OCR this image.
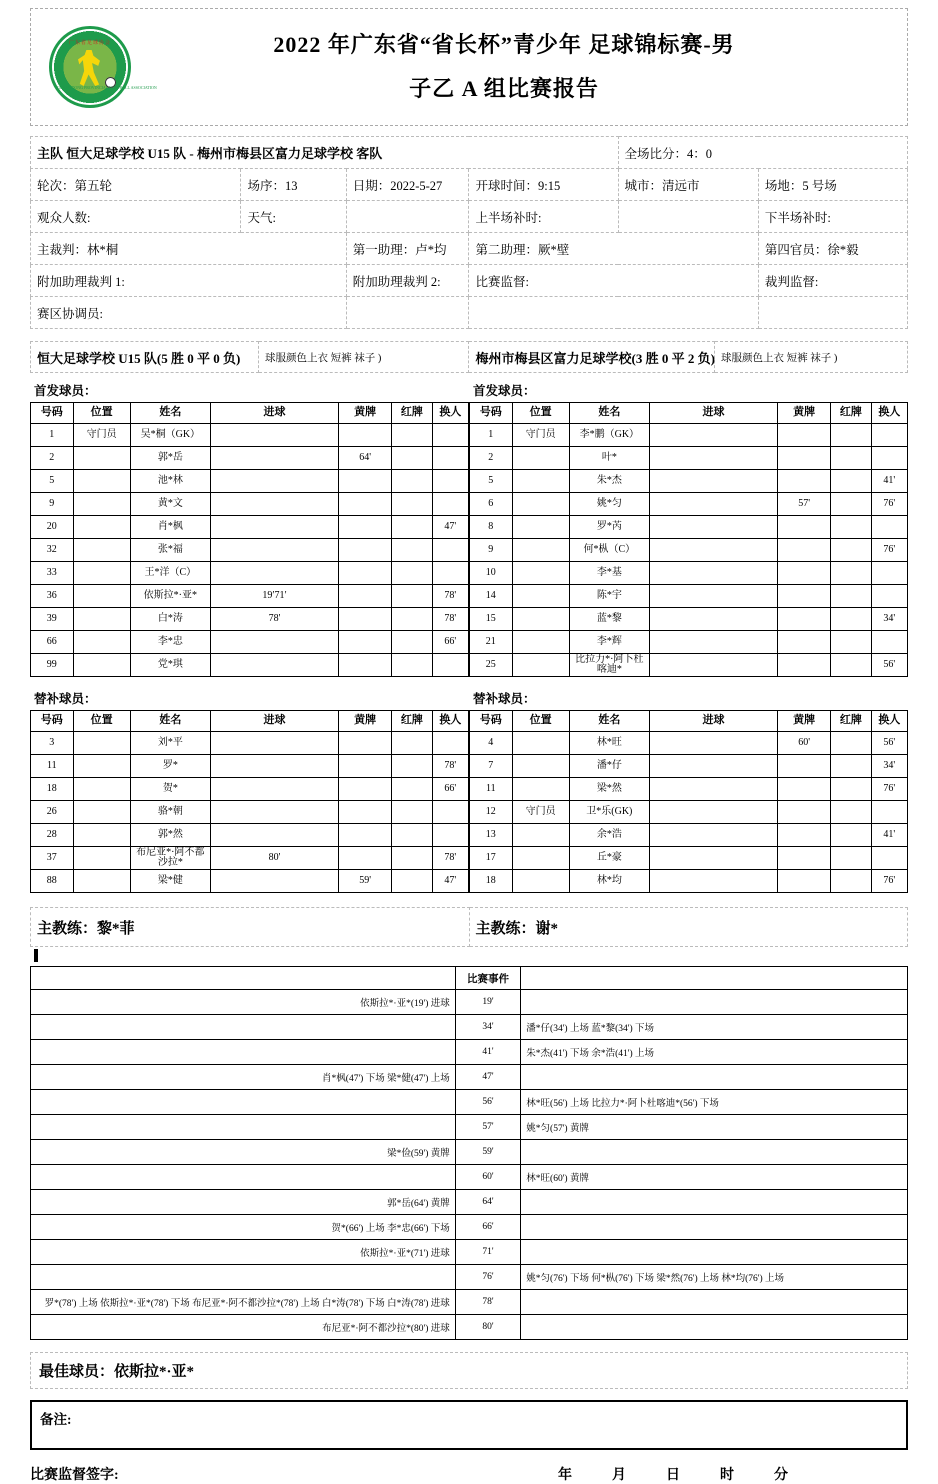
广东省足球协会
GUANGDONG PROVINCIAL FOOTBALL ASSOCIATION
2022 年广东省“省长杯”青少年 足球锦标赛-男
子乙 A 组比赛报告
主队 恒大足球学校 U15 队 - 梅州市梅县区富力足球学校 客队				全场比分：4：0	
轮次：第五轮	场序：13	日期：2022-5-27	开球时间：9:15	城市：清远市	场地：5 号场
观众人数:	天气:		上半场补时:		下半场补时:
主裁判：林*桐		第一助理：卢*均	第二助理：厥*壁		第四官员：徐*毅
附加助理裁判 1:		附加助理裁判 2:	比赛监督:		裁判监督:
赛区协调员:					
恒大足球学校 U15 队(5 胜 0 平 0 负)	球服颜色上衣 短裤 袜子 )	梅州市梅县区富力足球学校(3 胜 0 平 2 负)	球服颜色上衣 短裤 袜子 )
首发球员：
号码	位置	姓名	进球	黄牌	红牌	换人
1	守门员	吴*桐（GK）				
2		郭*岳		64'		
5		池*林				
9		黄*文				
20		肖*枫				47'
32		张*福				
33		王*洋（C）				
36		依斯拉*·亚*	19′71′			78'
39		白*涛	78'			78'
66		李*忠				66'
99		党*琪				
首发球员：
号码	位置	姓名	进球	黄牌	红牌	换人
1	守门员	李*鹏（GK）				
2		叶*				
5		朱*杰				41'
6		姚*匀		57'		76'
8		罗*芮				
9		何*枞（C）				76'
10		李*基				
14		陈*宇				
15		蓝*黎				34'
21		李*辉				
25		比拉力*·阿卜杜喀迪*				56'
替补球员：
号码	位置	姓名	进球	黄牌	红牌	换人
3		刘*平				
11		罗*				78'
18		贺*				66'
26		骆*朝				
28		郭*然				
37		布尼亚*·阿不都沙拉*	80'			78'
88		梁*健		59'		47'
替补球员：
号码	位置	姓名	进球	黄牌	红牌	换人
4		林*旺		60'		56'
7		潘*仔				34'
11		梁*然				76'
12	守门员	卫*乐(GK)				
13		余*浩				41'
17		丘*豪				
18		林*均				76'
主教练：黎*菲	主教练：谢*
	比赛事件	
依斯拉*·亚*(19') 进球	19'	
	34'	潘*仔(34') 上场 蓝*黎(34') 下场
	41'	朱*杰(41') 下场 余*浩(41') 上场
肖*枫(47') 下场 梁*健(47') 上场	47'	
	56'	林*旺(56') 上场 比拉力*·阿卜杜喀迪*(56') 下场
	57'	姚*匀(57') 黄牌
梁*俭(59') 黄牌	59'	
	60'	林*旺(60') 黄牌
郭*岳(64') 黄牌	64'	
贺*(66') 上场 李*忠(66') 下场	66'	
依斯拉*·亚*(71') 进球	71'	
	76'	姚*匀(76') 下场 何*枞(76') 下场 梁*然(76') 上场 林*均(76') 上场
罗*(78') 上场 依斯拉*·亚*(78') 下场 布尼亚*·阿不都沙拉*(78') 上场 白*涛(78') 下场 白*涛(78') 进球	78'	
布尼亚*·阿不都沙拉*(80') 进球	80'	
最佳球员：依斯拉*·亚*
备注:
比赛监督签字:	年	月	日	时	分
